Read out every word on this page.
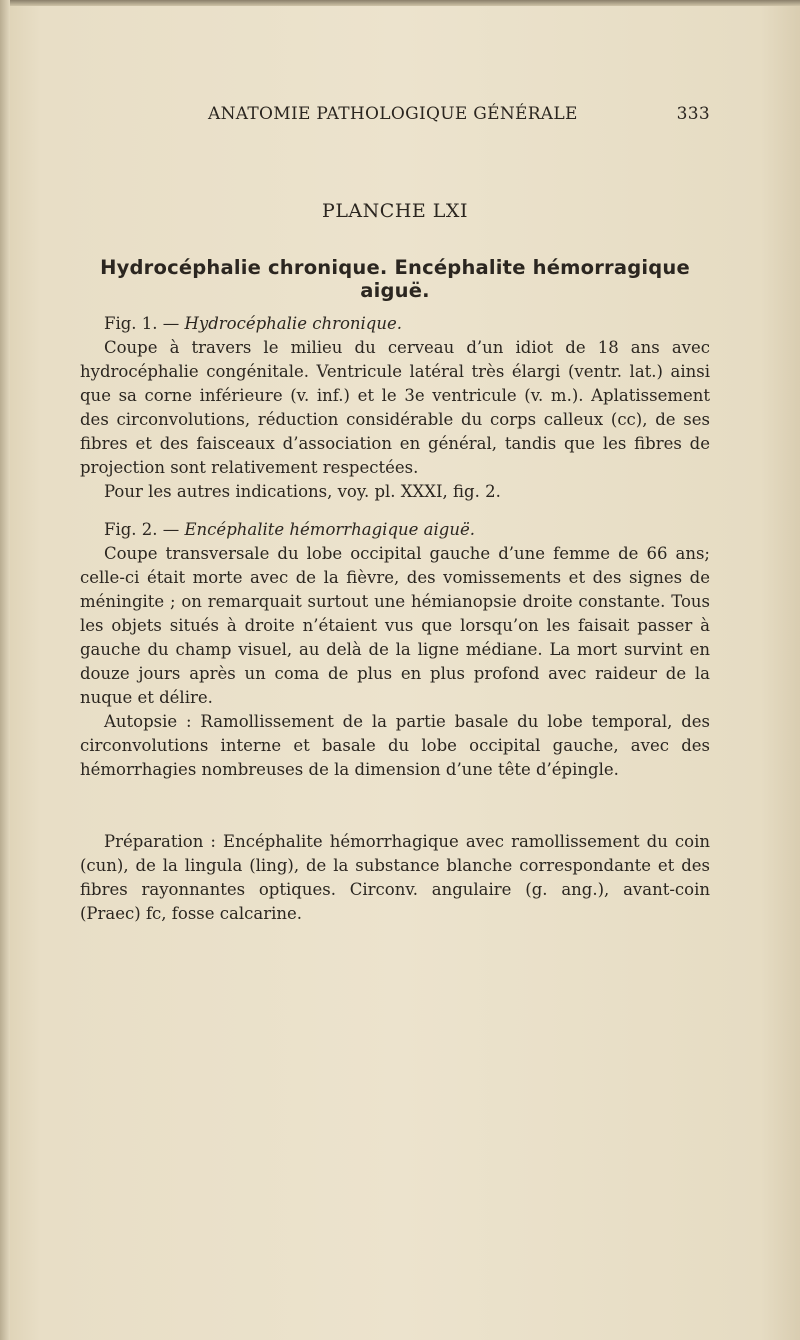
ANATOMIE PATHOLOGIQUE GÉNÉRALE	333
PLANCHE LXI
Hydrocéphalie chronique. Encéphalite hémorragique aiguë.

Fig. 1. — Hydrocéphalie chronique.

Coupe à travers le milieu du cerveau d’un idiot de 18 ans avec hydrocéphalie congénitale. Ventricule latéral très élargi (ventr. lat.) ainsi que sa corne inférieure (v. inf.) et le 3e ventricule (v. m.). Aplatissement des circonvolutions, réduction considérable du corps calleux (cc), de ses fibres et des faisceaux d’association en général, tandis que les fibres de projection sont relativement respectées.

Pour les autres indications, voy. pl. XXXI, fig. 2.

Fig. 2. — Encéphalite hémorrhagique aiguë.

Coupe transversale du lobe occipital gauche d’une femme de 66 ans; celle-ci était morte avec de la fièvre, des vomissements et des signes de méningite ; on remarquait surtout une hémianopsie droite constante. Tous les objets situés à droite n’étaient vus que lorsqu’on les faisait passer à gauche du champ visuel, au delà de la ligne médiane. La mort survint en douze jours après un coma de plus en plus profond avec raideur de la nuque et délire.

Autopsie : Ramollissement de la partie basale du lobe temporal, des circonvolutions interne et basale du lobe occipital gauche, avec des hémorrhagies nombreuses de la dimension d’une tête d’épingle.

Préparation : Encéphalite hémorrhagique avec ramollissement du coin (cun), de la lingula (ling), de la substance blanche correspondante et des fibres rayonnantes optiques. Circonv. angulaire (g. ang.), avant-coin (Praec) fc, fosse calcarine.
